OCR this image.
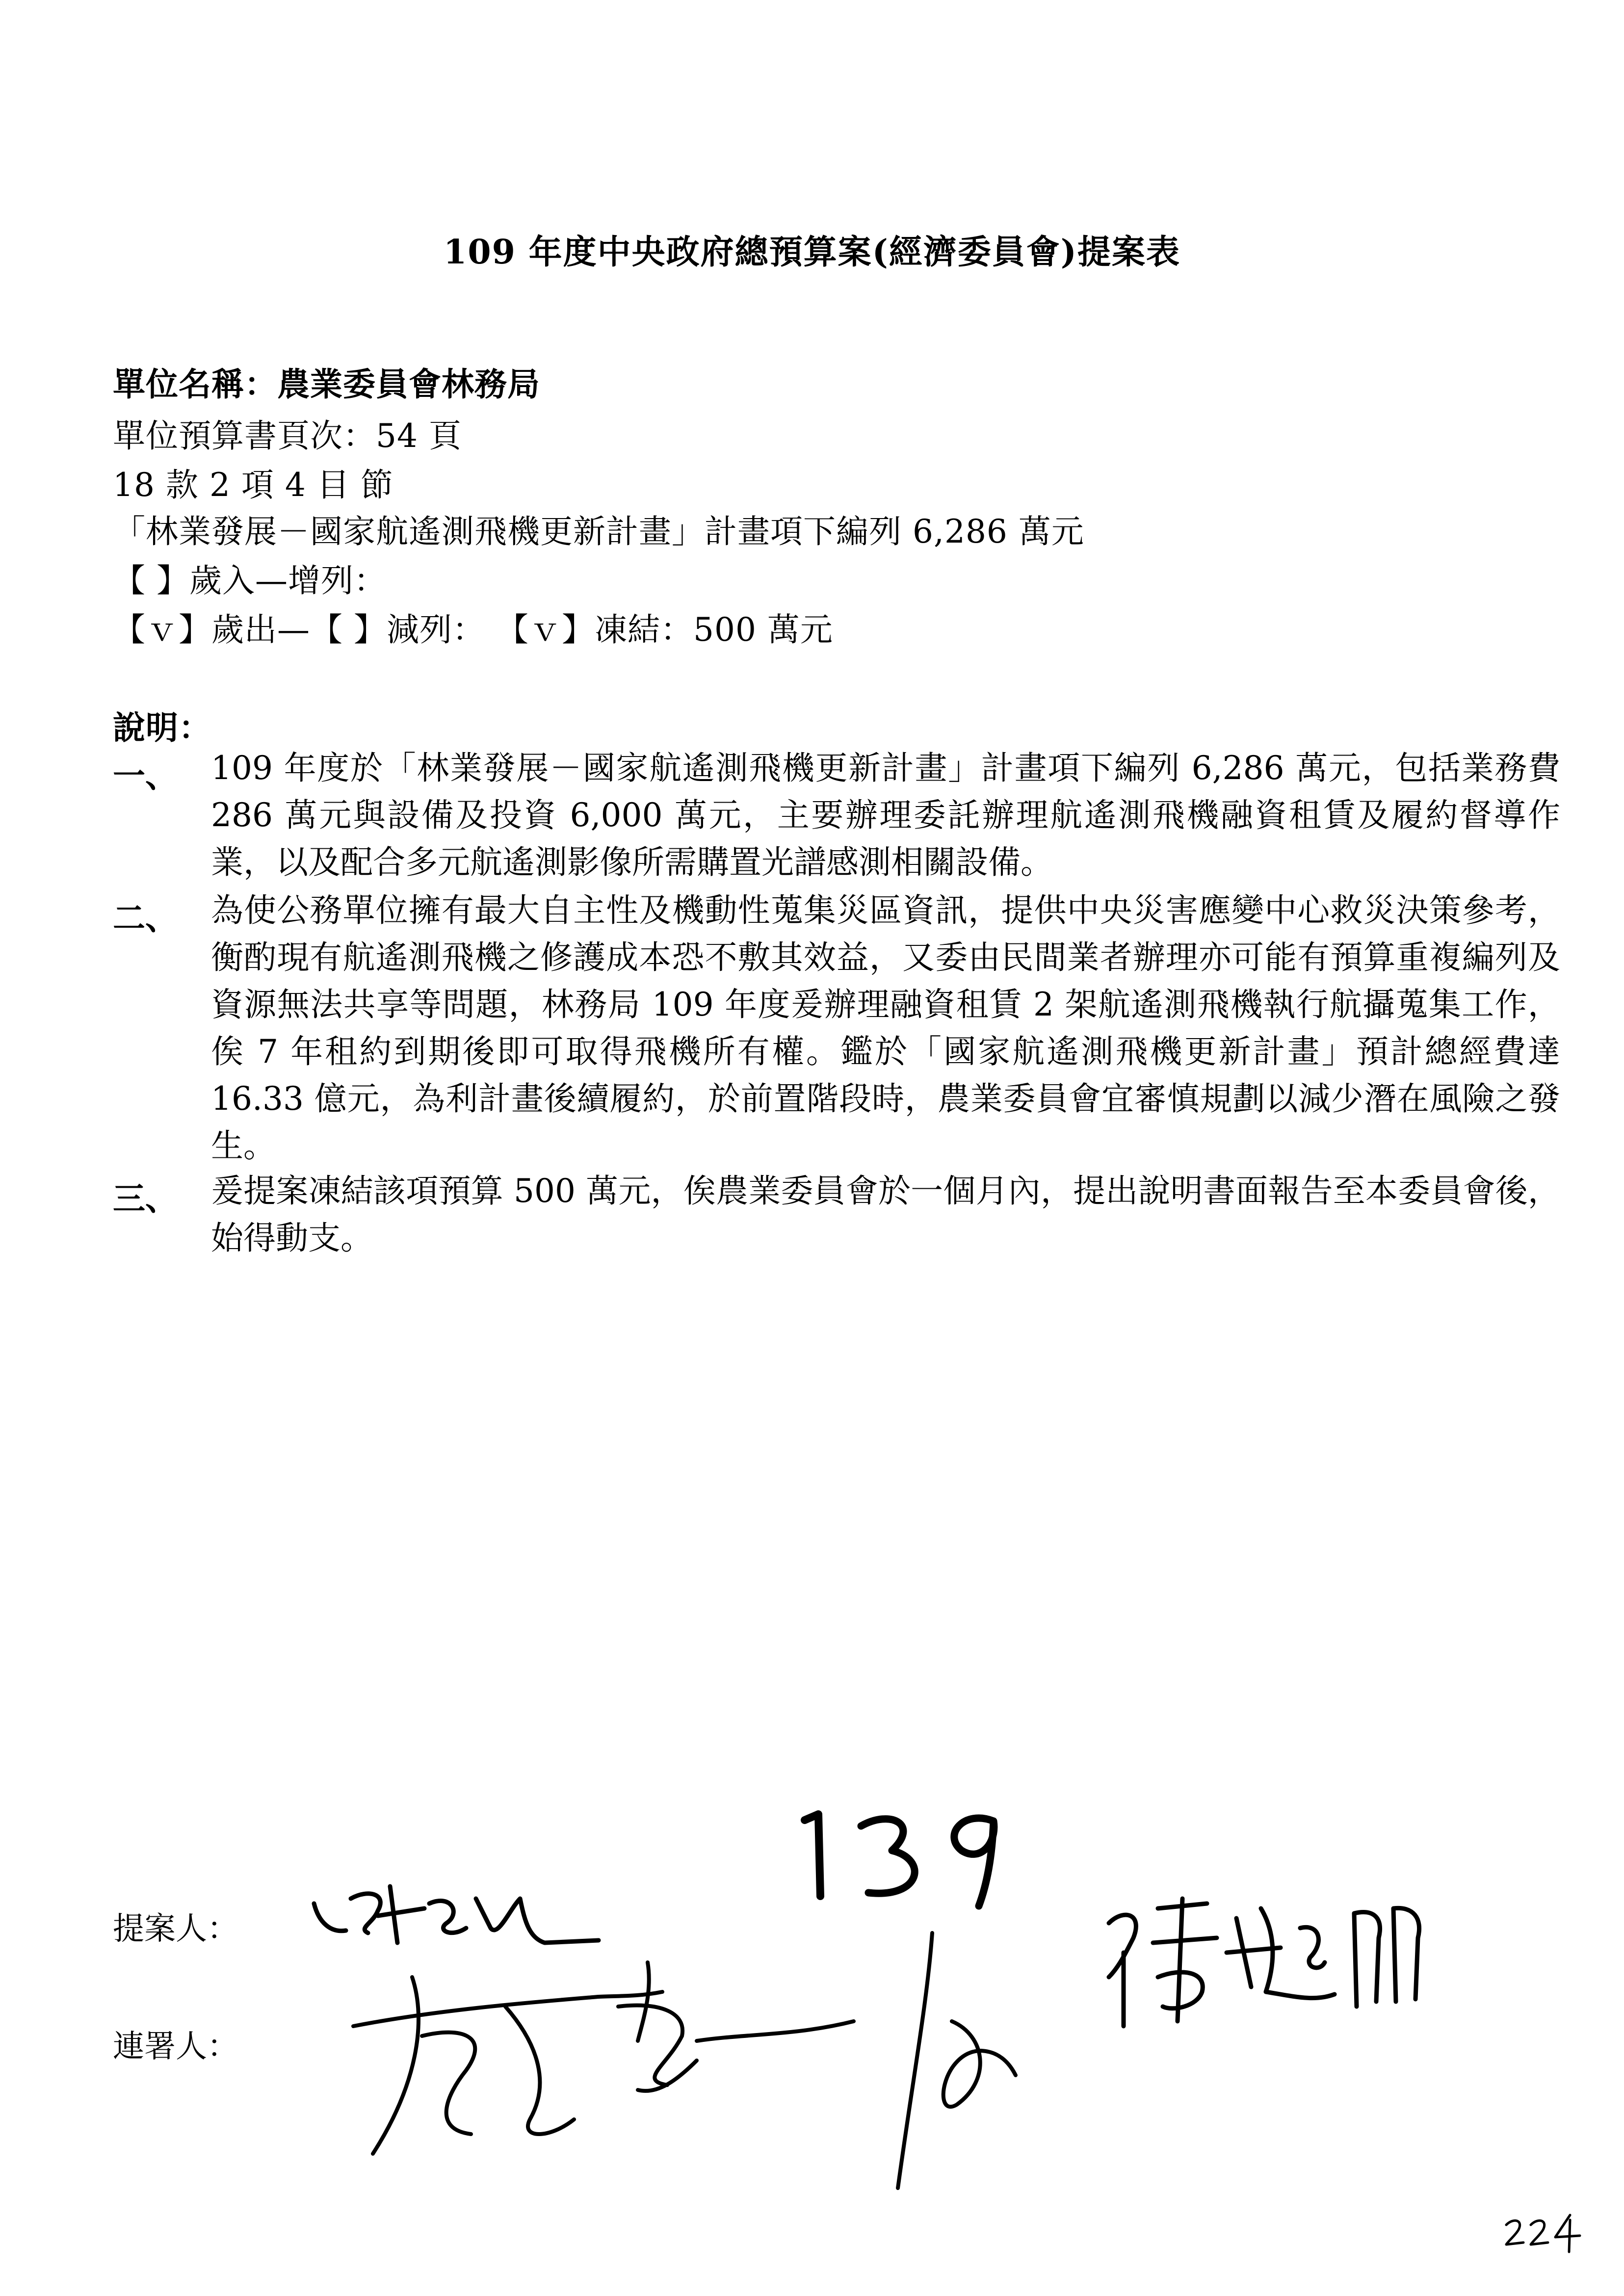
109 年度中央政府總預算案(經濟委員會)提案表
單位名稱：農業委員會林務局
單位預算書頁次：54 頁
18 款 2 項 4 目 節
「林業發展－國家航遙測飛機更新計畫」計畫項下編列 6,286 萬元
【 】歲入—增列：
【ｖ】歲出—【 】減列： 【ｖ】凍結：500 萬元
說明：
一、 109 年度於「林業發展－國家航遙測飛機更新計畫」計畫項下編列 6,286 萬元，包括業務費 286 萬元與設備及投資 6,000 萬元，主要辦理委託辦理航遙測飛機融資租賃及履約督導作業，以及配合多元航遙測影像所需購置光譜感測相關設備。
二、 為使公務單位擁有最大自主性及機動性蒐集災區資訊，提供中央災害應變中心救災決策參考，衡酌現有航遙測飛機之修護成本恐不敷其效益，又委由民間業者辦理亦可能有預算重複編列及資源無法共享等問題，林務局 109 年度爰辦理融資租賃 2 架航遙測飛機執行航攝蒐集工作，俟 7 年租約到期後即可取得飛機所有權。鑑於「國家航遙測飛機更新計畫」預計總經費達 16.33 億元，為利計畫後續履約，於前置階段時，農業委員會宜審慎規劃以減少潛在風險之發生。
三、 爰提案凍結該項預算 500 萬元，俟農業委員會於一個月內，提出說明書面報告至本委員會後，始得動支。
提案人：
連署人：
